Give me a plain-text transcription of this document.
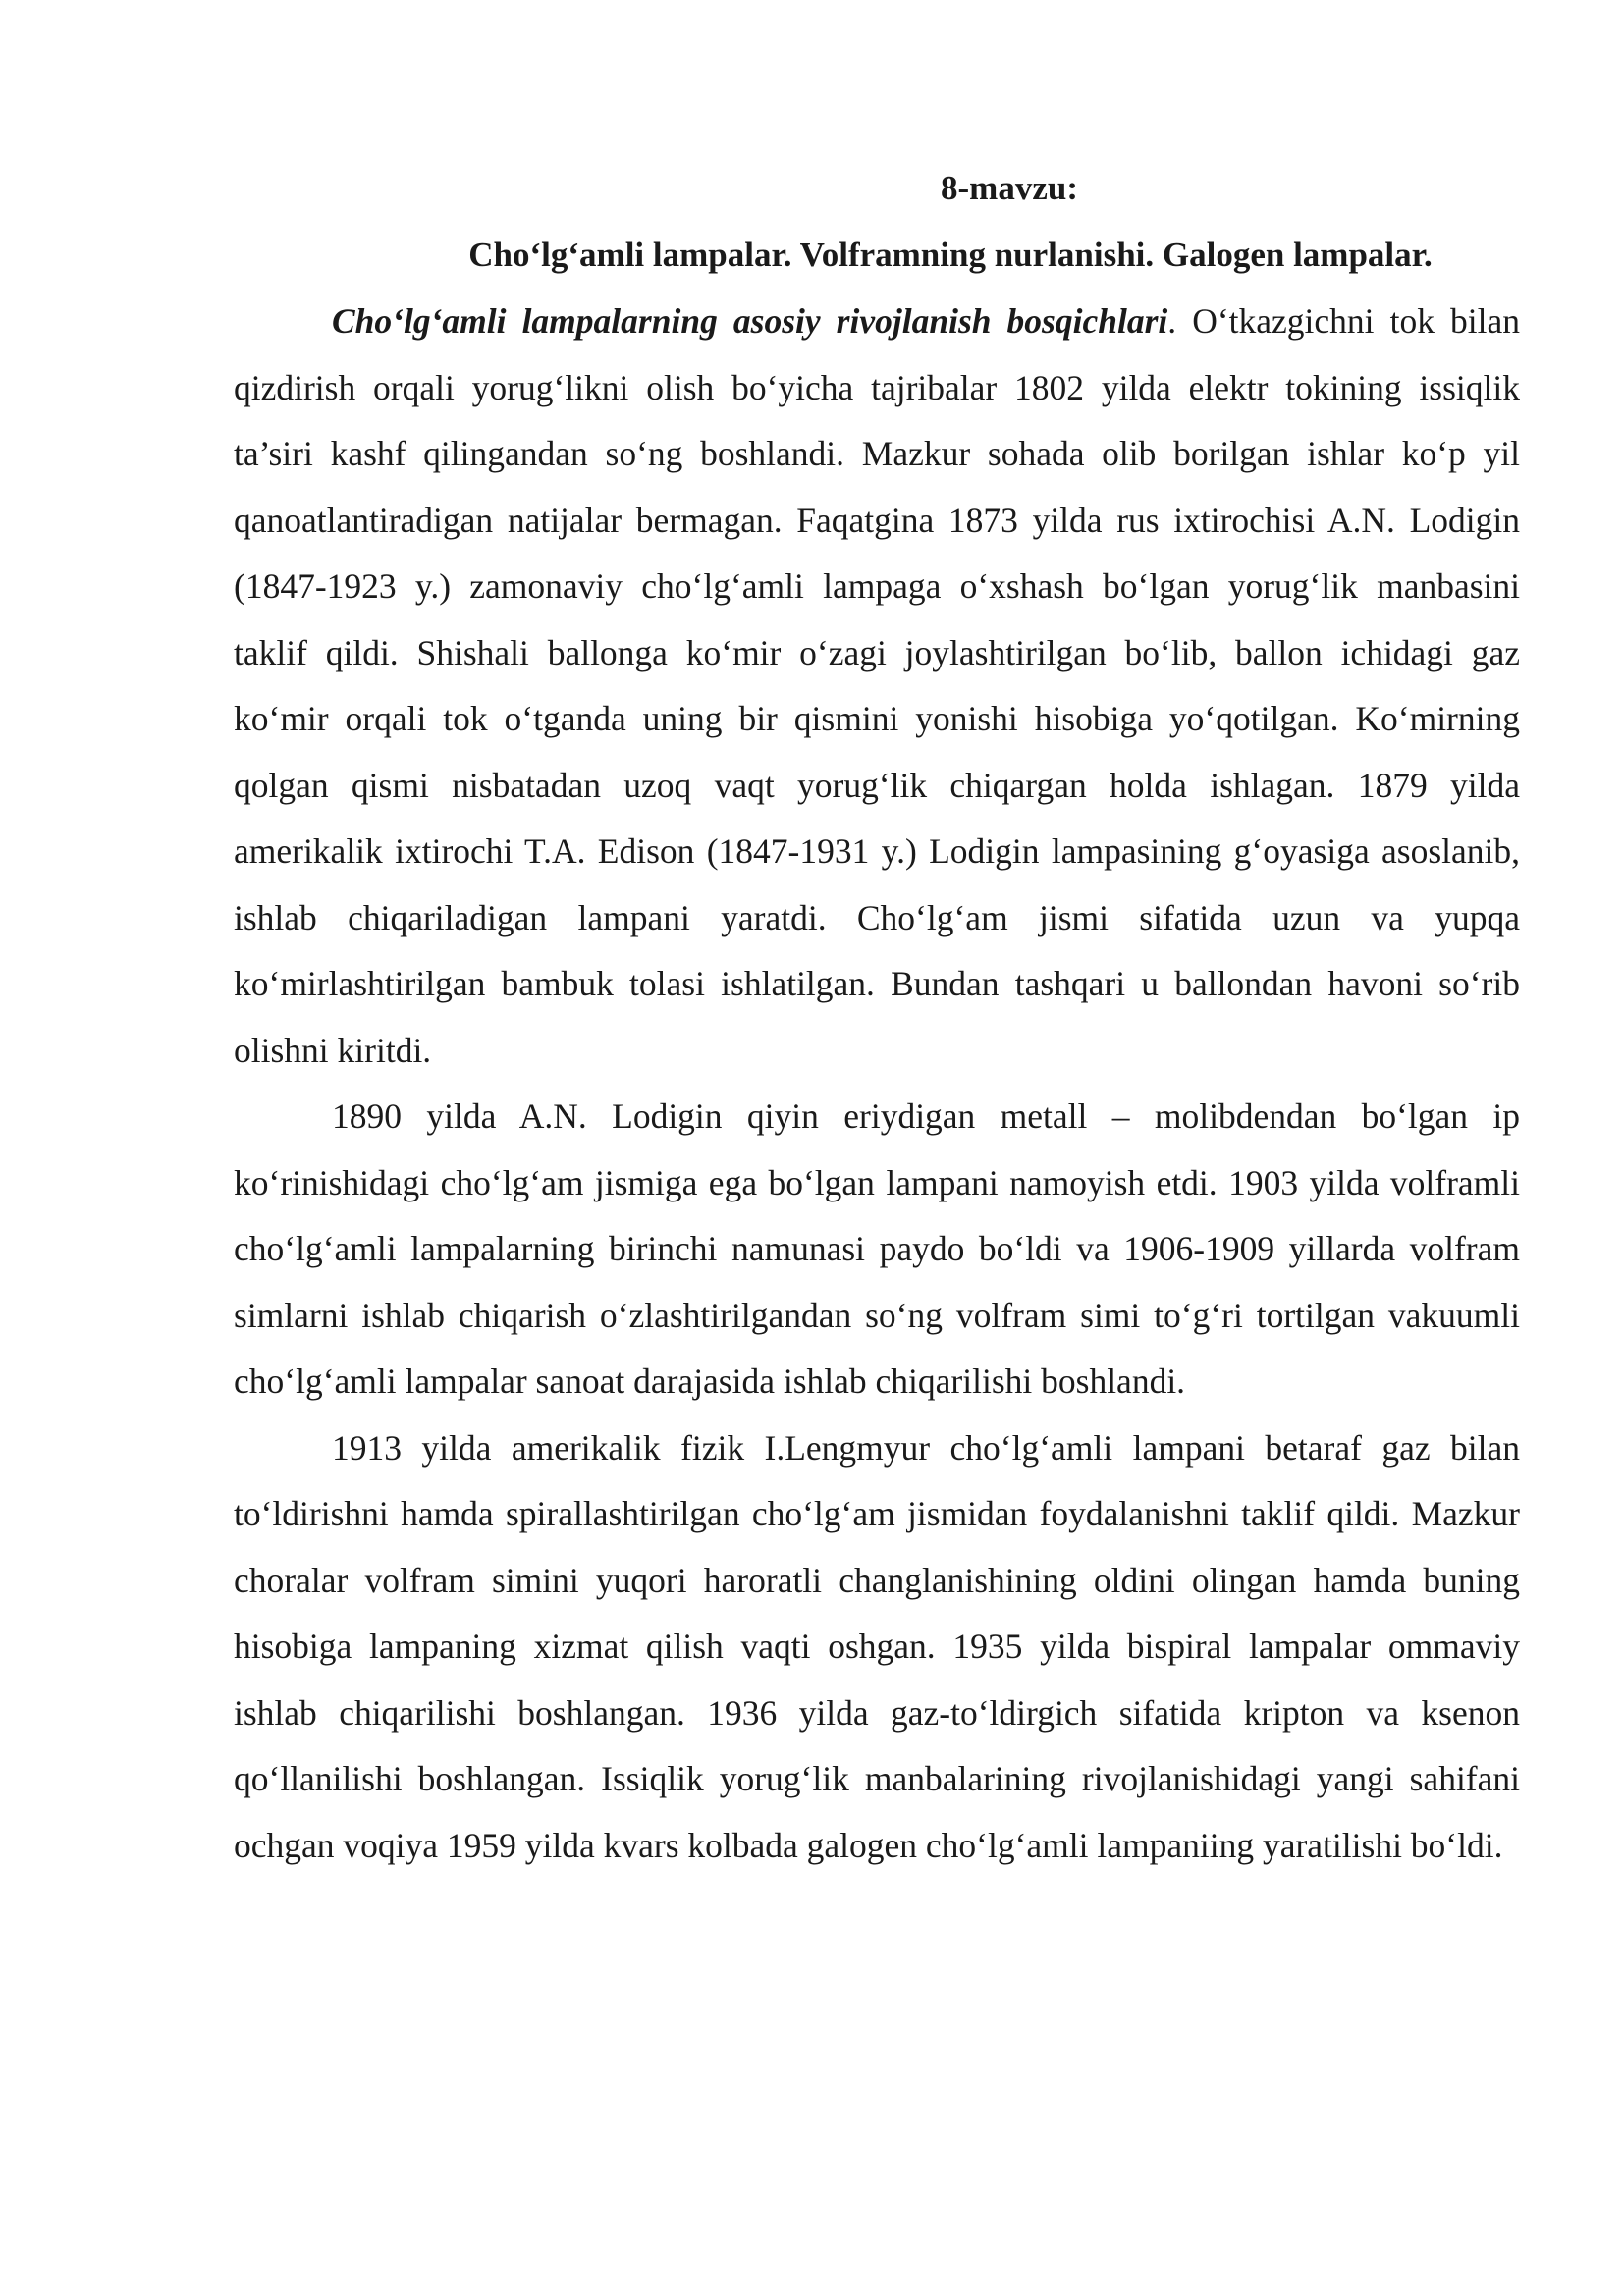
8-mavzu:
Cho‘lg‘amli lampalar. Volframning nurlanishi. Galogen lampalar.

Cho‘lg‘amli lampalarning asosiy rivojlanish bosqichlari. O‘tkazgichni tok bilan qizdirish orqali yorug‘likni olish bo‘yicha tajribalar 1802 yilda elektr tokining issiqlik ta’siri kashf qilingandan so‘ng boshlandi. Mazkur sohada olib borilgan ishlar ko‘p yil qanoatlantiradigan natijalar bermagan. Faqatgina 1873 yilda rus ixtirochisi A.N. Lodigin (1847-1923 y.) zamonaviy cho‘lg‘amli lampaga o‘xshash bo‘lgan yorug‘lik manbasini taklif qildi. Shishali ballonga ko‘mir o‘zagi joylashtirilgan bo‘lib, ballon ichidagi gaz ko‘mir orqali tok o‘tganda uning bir qismini yonishi hisobiga yo‘qotilgan. Ko‘mirning qolgan qismi nisbatadan uzoq vaqt yorug‘lik chiqargan holda ishlagan. 1879 yilda amerikalik ixtirochi T.A. Edison (1847-1931 y.) Lodigin lampasining g‘oyasiga asoslanib, ishlab chiqariladigan lampani yaratdi. Cho‘lg‘am jismi sifatida uzun va yupqa ko‘mirlashtirilgan bambuk tolasi ishlatilgan. Bundan tashqari u ballondan havoni so‘rib olishni kiritdi.

1890 yilda A.N. Lodigin qiyin eriydigan metall – molibdendan bo‘lgan ip ko‘rinishidagi cho‘lg‘am jismiga ega bo‘lgan lampani namoyish etdi. 1903 yilda volframli cho‘lg‘amli lampalarning birinchi namunasi paydo bo‘ldi va 1906-1909 yillarda volfram simlarni ishlab chiqarish o‘zlashtirilgandan so‘ng volfram simi to‘g‘ri tortilgan vakuumli cho‘lg‘amli lampalar sanoat darajasida ishlab chiqarilishi boshlandi.

1913 yilda amerikalik fizik I.Lengmyur cho‘lg‘amli lampani betaraf gaz bilan to‘ldirishni hamda spirallashtirilgan cho‘lg‘am jismidan foydalanishni taklif qildi. Mazkur choralar volfram simini yuqori haroratli changlanishining oldini olingan hamda buning hisobiga lampaning xizmat qilish vaqti oshgan. 1935 yilda bispiral lampalar ommaviy ishlab chiqarilishi boshlangan. 1936 yilda gaz-to‘ldirgich sifatida kripton va ksenon qo‘llanilishi boshlangan. Issiqlik yorug‘lik manbalarining rivojlanishidagi yangi sahifani ochgan voqiya 1959 yilda kvars kolbada galogen cho‘lg‘amli lampaniing yaratilishi bo‘ldi.
